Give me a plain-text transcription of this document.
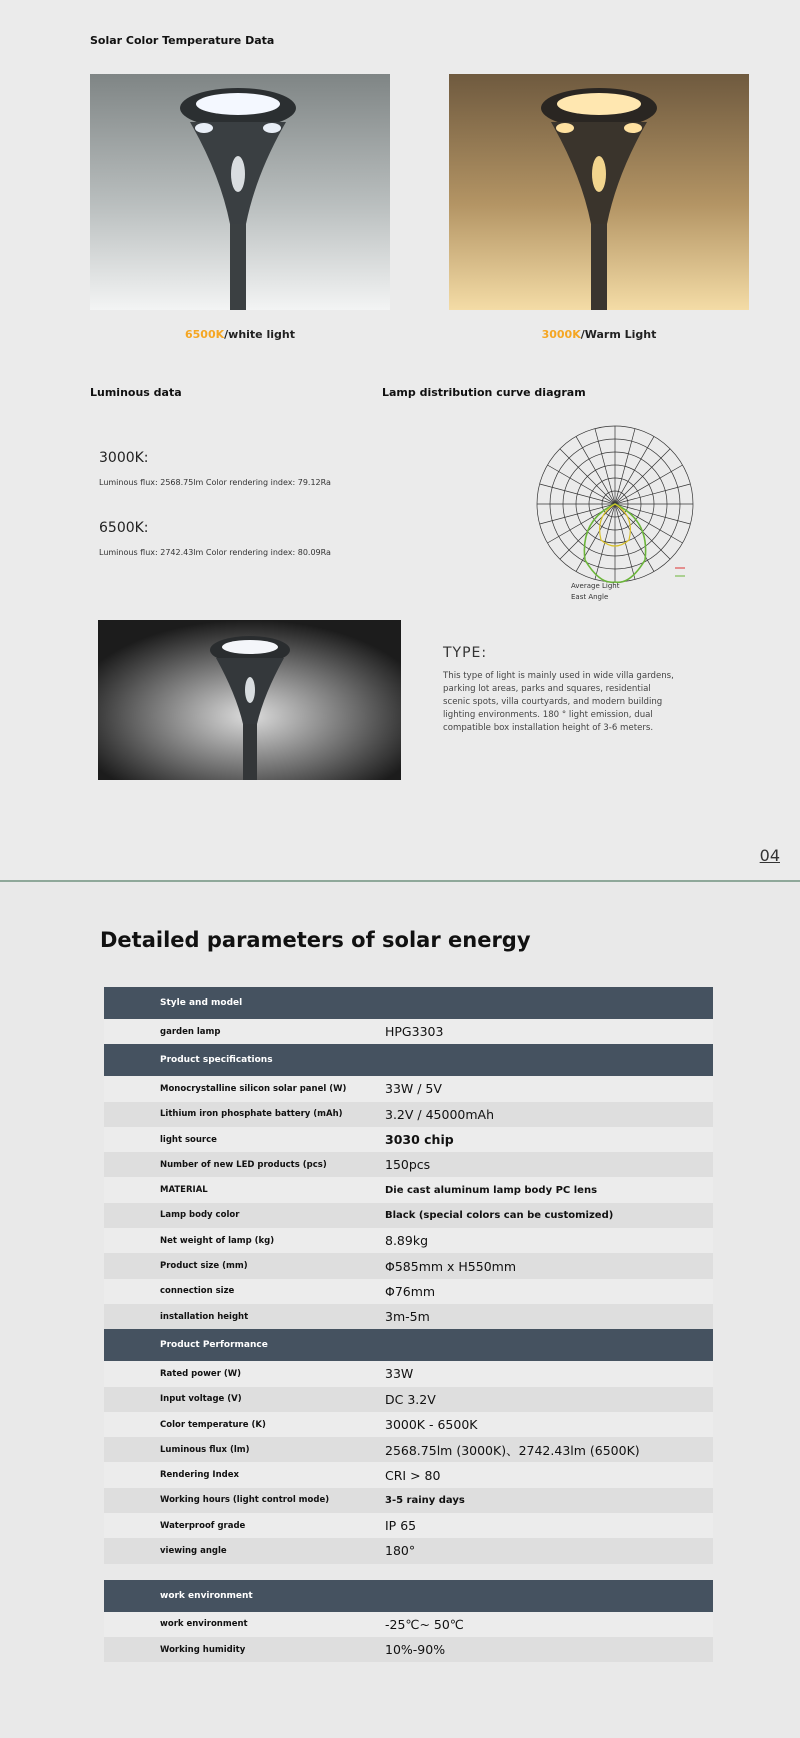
Solar Color Temperature Data
6500K/white light	3000K/Warm Light
Luminous data	Lamp distribution curve diagram
3000K:
Luminous flux: 2568.75lm Color rendering index: 79.12Ra
6500K:
Luminous flux: 2742.43lm Color rendering index: 80.09Ra
Average Light
East Angle
TYPE:
This type of light is mainly used in wide villa gardens, parking lot areas, parks and squares, residential scenic spots, villa courtyards, and modern building lighting environments. 180 ° light emission, dual compatible box installation height of 3-6 meters.
04
Detailed parameters of solar energy
Style and model	
garden lamp	HPG3303
Product specifications	
Monocrystalline silicon solar panel (W)	33W / 5V
Lithium iron phosphate battery (mAh)	3.2V / 45000mAh
light source	3030 chip
Number of new LED products (pcs)	150pcs
MATERIAL	Die cast aluminum lamp body PC lens
Lamp body color	Black (special colors can be customized)
Net weight of lamp (kg)	8.89kg
Product size (mm)	Φ585mm x H550mm
connection size	Φ76mm
installation height	3m-5m
Product Performance	
Rated power (W)	33W
Input voltage (V)	DC 3.2V
Color temperature (K)	3000K - 6500K
Luminous flux (lm)	2568.75lm (3000K)、2742.43lm (6500K)
Rendering Index	CRI > 80
Working hours (light control mode)	3-5 rainy days
Waterproof grade	IP 65
viewing angle	180°

work environment	
work environment	-25℃~ 50℃
Working humidity	10%-90%
